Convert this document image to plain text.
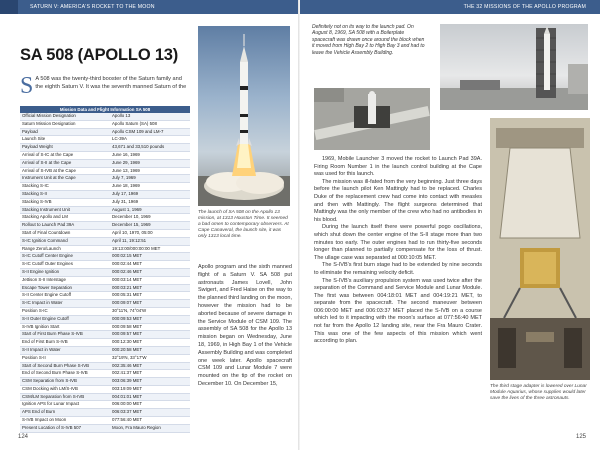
SATURN V: AMERICA'S ROCKET TO THE MOON
SA 508 (APOLLO 13)
S A 508 was the twenty-third booster of the Saturn family and the eighth Saturn V. It was the seventh manned Saturn of the
Mission Data and Flight Information SA 508	
Official Mission Designation	Apollo 13
Saturn Mission Designation	Apollo Saturn (SA) 508
Payload	Apollo CSM 109 and LM-7
Launch Site	LC-39A
Payload Weight	43,671 and 33,510 pounds
Arrival of S-IC at the Cape	June 16, 1969
Arrival of S-II at the Cape	June 29, 1969
Arrival of S-IVB at the Cape	June 13, 1969
Instrument Unit at the Cape	July 7, 1969
Stacking S-IC	June 18, 1969
Stacking S-II	July 17, 1969
Stacking S-IVB	July 31, 1969
Stacking Instrument Unit	August 1, 1969
Stacking Apollo and LM	December 10, 1969
Rollout to Launch Pad 39A	December 15, 1969
Start of Final Countdown	April 10, 1970, 05:00
S-IC Ignition Command	April 11, 19:12:51
Range Zero/Launch	19:13:00/000:00:00 MET
S-IC Cutoff Center Engine	000:02:15 MET
S-IC Cutoff Outer Engines	000:02:44 MET
S-II Engine Ignition	000:02:46 MET
Jettison S-II Interstage	000:03:14 MET
Escape Tower Separation	000:03:21 MET
S-II Center Engine Cutoff	000:05:31 MET
S-IC Impact in Water	000:09:07 MET
Position S-IC	30°11'N, 74°04'W
S-II Outer Engine Cutoff	000:09:53 MET
S-IVB Ignition Start	000:09:58 MET
Start of First Burn Phase S-IVB	000:09:57 MET
End of First Burn S-IVB	000:12:30 MET
S-II Impact in Water	000:20:58 MET
Position S-II	32°19'N, 33°17'W
Start of Second Burn Phase S-IVB	002:35:46 MET
End of Second Burn Phase S-IVB	002:41:37 MET
CSM Separation from S-IVB	003:06:39 MET
CSM Docking with LM/S-IVB	003:19:09 MET
CSM/LM Separation from S-IVB	004:01:01 MET
Ignition APS for Lunar Impact	006:00:00 MET
APS End of Burn	006:03:37 MET
S-IVB Impact on Moon	077:56:40 MET
Present Location of S-IVB 507	Moon, Fra Mauro Region
The launch of SA 508 on the Apollo 13 mission, at 1313 Houston Time. It seemed a bad omen to contemporary observers. At Cape Canaveral, the launch site, it was only 1313 local time.
Apollo program and the sixth manned flight of a Saturn V. SA 508 put astronauts James Lovell, John Swigert, and Fred Haise on the way to the planned third landing on the moon, however the mission had to be aborted because of severe damage in the Service Module of CSM 109. The assembly of SA 508 for the Apollo 13 mission began on Wednesday, June 18, 1969, in High Bay 1 of the Vehicle Assembly Building and was completed one week later. Apollo spacecraft CSM 109 and Lunar Module 7 were mounted on the tip of the rocket on December 10. On December 15,
124
THE 32 MISSIONS OF THE APOLLO PROGRAM
Definitely not on its way to the launch pad. On August 8, 1969, SA 508 with a Boilerplate spacecraft was drawn once around the block when it moved from High Bay 2 to High Bay 3 and had to leave the Vehicle Assembly Building.

1969, Mobile Launcher 3 moved the rocket to Launch Pad 39A. Firing Room Number 1 in the launch control building at the Cape was used for this launch.

The mission was ill-fated from the very beginning. Just three days before the launch pilot Ken Mattingly had to be replaced. Charles Duke of the replacement crew had come into contact with measles and then with Mattingly. The flight surgeons determined that Mattingly was the only member of the crew who had no antibodies in his blood.

During the launch itself there were powerful pogo oscillations, which shut down the center engine of the S-II stage more than two minutes too early. The outer engines had to run thirty-five seconds longer than planned to partially compensate for the loss of thrust. The ullage case was separated at 000:10:05 MET.

The S-IVB's first burn stage had to be extended by nine seconds to eliminate the remaining velocity deficit.

The S-IVB's auxiliary propulsion system was used twice after the separation of the Command and Service Module and Lunar Module. The first was between 004:18:01 MET and 004:19:21 MET, to separate from the spacecraft. The second maneuver between 006:00:00 MET and 006:03:37 MET placed the S-IVB on a course which led to it impacting with the moon's surface at 077:56:40 MET not far from the Apollo 12 landing site, near the Fra Mauro Crater. This was one of the few aspects of this mission which went according to plan.

The third stage adapter is lowered over Lunar Module Aquarius, whose supplies would later save the lives of the three astronauts.
125
